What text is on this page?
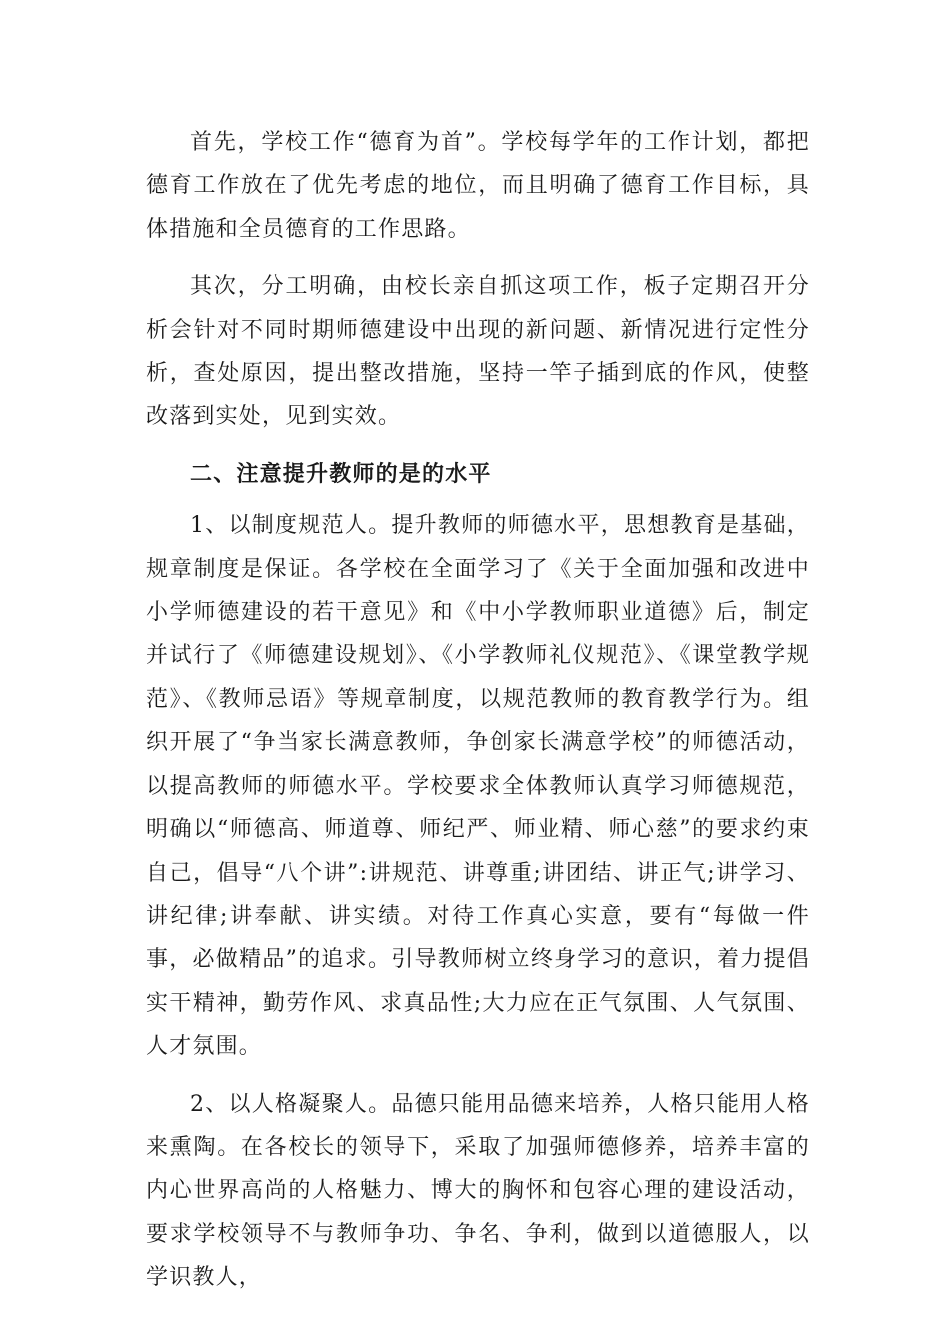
首先，学校工作“德育为首”。学校每学年的工作计划，都把德育工作放在了优先考虑的地位，而且明确了德育工作目标，具体措施和全员德育的工作思路。

其次，分工明确，由校长亲自抓这项工作，板子定期召开分析会针对不同时期师德建设中出现的新问题、新情况进行定性分析，查处原因，提出整改措施，坚持一竿子插到底的作风，使整改落到实处，见到实效。

二、注意提升教师的是的水平

1、以制度规范人。提升教师的师德水平，思想教育是基础，规章制度是保证。各学校在全面学习了《关于全面加强和改进中小学师德建设的若干意见》和《中小学教师职业道德》后，制定并试行了《师德建设规划》、《小学教师礼仪规范》、《课堂教学规范》、《教师忌语》等规章制度，以规范教师的教育教学行为。组织开展了“争当家长满意教师，争创家长满意学校”的师德活动，以提高教师的师德水平。学校要求全体教师认真学习师德规范，明确以“师德高、师道尊、师纪严、师业精、师心慈”的要求约束自己，倡导“八个讲”:讲规范、讲尊重;讲团结、讲正气;讲学习、讲纪律;讲奉献、讲实绩。对待工作真心实意，要有“每做一件事，必做精品”的追求。引导教师树立终身学习的意识，着力提倡实干精神，勤劳作风、求真品性;大力应在正气氛围、人气氛围、人才氛围。

2、以人格凝聚人。品德只能用品德来培养，人格只能用人格来熏陶。在各校长的领导下，采取了加强师德修养，培养丰富的内心世界高尚的人格魅力、博大的胸怀和包容心理的建设活动，要求学校领导不与教师争功、争名、争利，做到以道德服人，以学识教人，
